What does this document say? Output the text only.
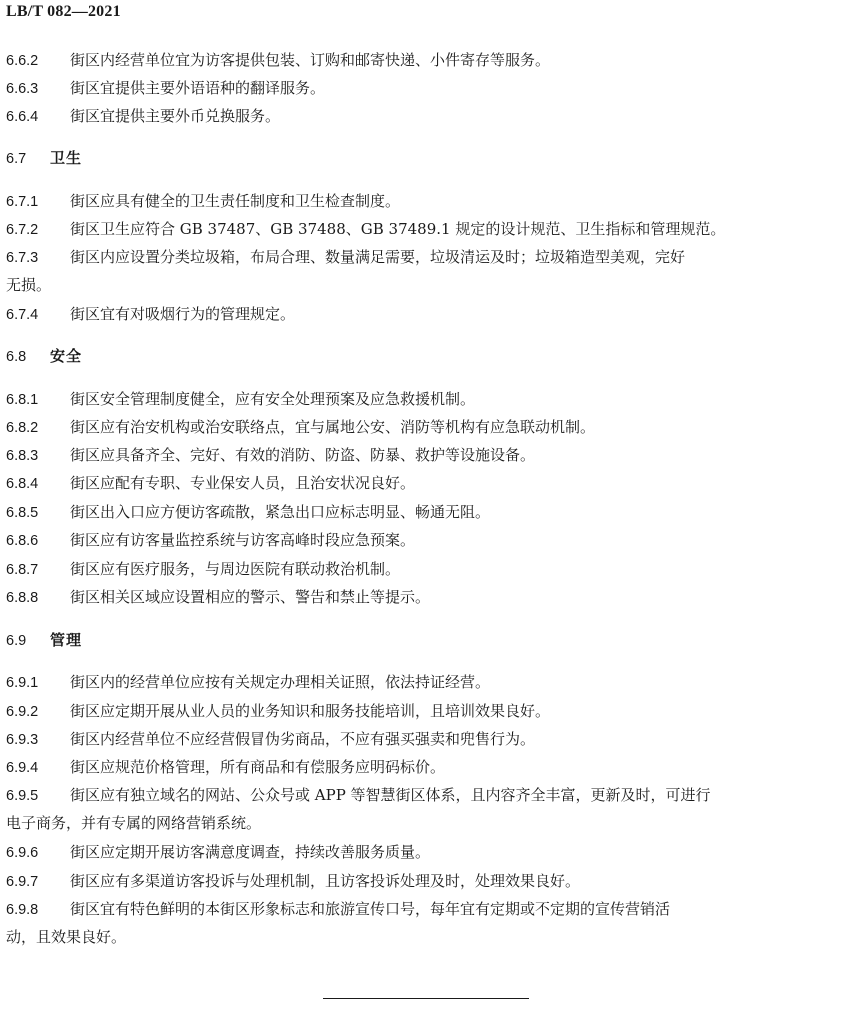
LB/T 082—2021
6.6.2 街区内经营单位宜为访客提供包装、订购和邮寄快递、小件寄存等服务。
6.6.3 街区宜提供主要外语语种的翻译服务。
6.6.4 街区宜提供主要外币兑换服务。
6.7 卫生
6.7.1 街区应具有健全的卫生责任制度和卫生检查制度。
6.7.2 街区卫生应符合 GB 37487、GB 37488、GB 37489.1 规定的设计规范、卫生指标和管理规范。
6.7.3 街区内应设置分类垃圾箱，布局合理、数量满足需要，垃圾清运及时；垃圾箱造型美观，完好
无损。
6.7.4 街区宜有对吸烟行为的管理规定。
6.8 安全
6.8.1 街区安全管理制度健全，应有安全处理预案及应急救援机制。
6.8.2 街区应有治安机构或治安联络点，宜与属地公安、消防等机构有应急联动机制。
6.8.3 街区应具备齐全、完好、有效的消防、防盗、防暴、救护等设施设备。
6.8.4 街区应配有专职、专业保安人员，且治安状况良好。
6.8.5 街区出入口应方便访客疏散，紧急出口应标志明显、畅通无阻。
6.8.6 街区应有访客量监控系统与访客高峰时段应急预案。
6.8.7 街区应有医疗服务，与周边医院有联动救治机制。
6.8.8 街区相关区域应设置相应的警示、警告和禁止等提示。
6.9 管理
6.9.1 街区内的经营单位应按有关规定办理相关证照，依法持证经营。
6.9.2 街区应定期开展从业人员的业务知识和服务技能培训，且培训效果良好。
6.9.3 街区内经营单位不应经营假冒伪劣商品，不应有强买强卖和兜售行为。
6.9.4 街区应规范价格管理，所有商品和有偿服务应明码标价。
6.9.5 街区应有独立域名的网站、公众号或 APP 等智慧街区体系，且内容齐全丰富，更新及时，可进行
电子商务，并有专属的网络营销系统。
6.9.6 街区应定期开展访客满意度调查，持续改善服务质量。
6.9.7 街区应有多渠道访客投诉与处理机制，且访客投诉处理及时，处理效果良好。
6.9.8 街区宜有特色鲜明的本街区形象标志和旅游宣传口号，每年宜有定期或不定期的宣传营销活
动，且效果良好。
